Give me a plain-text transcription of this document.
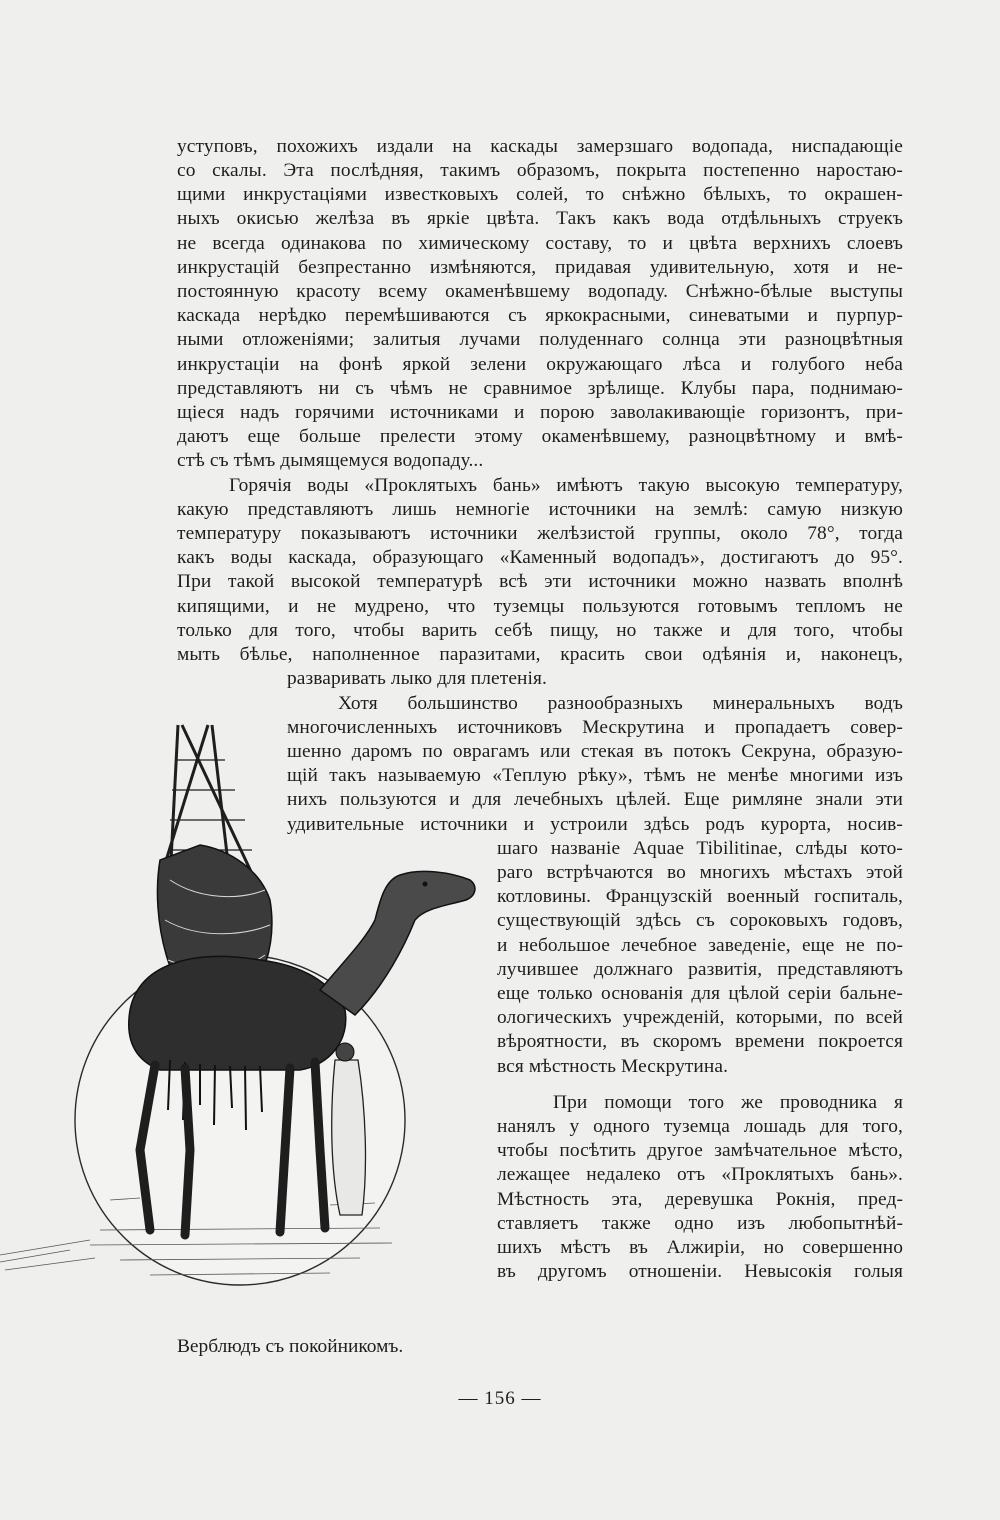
уступовъ, похожихъ издали на каскады замерзшаго водопада, ниспадающіе
со скалы. Эта послѣдняя, такимъ образомъ, покрыта постепенно наростаю-
щими инкрустаціями известковыхъ солей, то снѣжно бѣлыхъ, то окрашен-
ныхъ окисью желѣза въ яркіе цвѣта. Такъ какъ вода отдѣльныхъ струекъ
не всегда одинакова по химическому составу, то и цвѣта верхнихъ слоевъ
инкрустацій безпрестанно измѣняются, придавая удивительную, хотя и не-
постоянную красоту всему окаменѣвшему водопаду. Снѣжно-бѣлые выступы
каскада нерѣдко перемѣшиваются съ яркокрасными, синеватыми и пурпур-
ными отложеніями; залитыя лучами полуденнаго солнца эти разноцвѣтныя
инкрустаціи на фонѣ яркой зелени окружающаго лѣса и голубого неба
представляютъ ни съ чѣмъ не сравнимое зрѣлище. Клубы пара, поднимаю-
щіеся надъ горячими источниками и порою заволакивающіе горизонтъ, при-
даютъ еще больше прелести этому окаменѣвшему, разноцвѣтному и вмѣ-
стѣ съ тѣмъ дымящемуся водопаду...
Горячія воды «Проклятыхъ бань» имѣютъ такую высокую температуру,
какую представляютъ лишь немногіе источники на землѣ: самую низкую
температуру показываютъ источники желѣзистой группы, около 78°, тогда
какъ воды каскада, образующаго «Каменный водопадъ», достигаютъ до 95°.
При такой высокой температурѣ всѣ эти источники можно назвать вполнѣ
кипящими, и не мудрено, что туземцы пользуются готовымъ тепломъ не
только для того, чтобы варить себѣ пищу, но также и для того, чтобы
мыть бѣлье, наполненное паразитами, красить свои одѣянія и, наконецъ,
разваривать лыко для плетенія.
Хотя большинство разнообразныхъ минеральныхъ водъ
многочисленныхъ источниковъ Мескрутина и пропадаетъ совер-
шенно даромъ по оврагамъ или стекая въ потокъ Секруна, образую-
щій такъ называемую «Теплую рѣку», тѣмъ не менѣе многими изъ
нихъ пользуются и для лечебныхъ цѣлей. Еще римляне знали эти
удивительные источники и устроили здѣсь родъ курорта, носив-
шаго названіе Aquae Tibilitinae, слѣды кото-
раго встрѣчаются во многихъ мѣстахъ этой
котловины. Французскій военный госпиталь,
существующій здѣсь съ сороковыхъ годовъ,
и небольшое лечебное заведеніе, еще не по-
лучившее должнаго развитія, представляютъ
еще только основанія для цѣлой серіи бальне-
ологическихъ учрежденій, которыми, по всей
вѣроятности, въ скоромъ времени покроется
вся мѣстность Мескрутина.
При помощи того же проводника я
нанялъ у одного туземца лошадь для того,
чтобы посѣтить другое замѣчательное мѣсто,
лежащее недалеко отъ «Проклятыхъ бань».
Мѣстность эта, деревушка Рокнія, пред-
ставляетъ также одно изъ любопытнѣй-
шихъ мѣстъ въ Алжиріи, но совершенно
въ другомъ отношеніи. Невысокія голыя
Верблюдъ съ покойникомъ.
— 156 —
